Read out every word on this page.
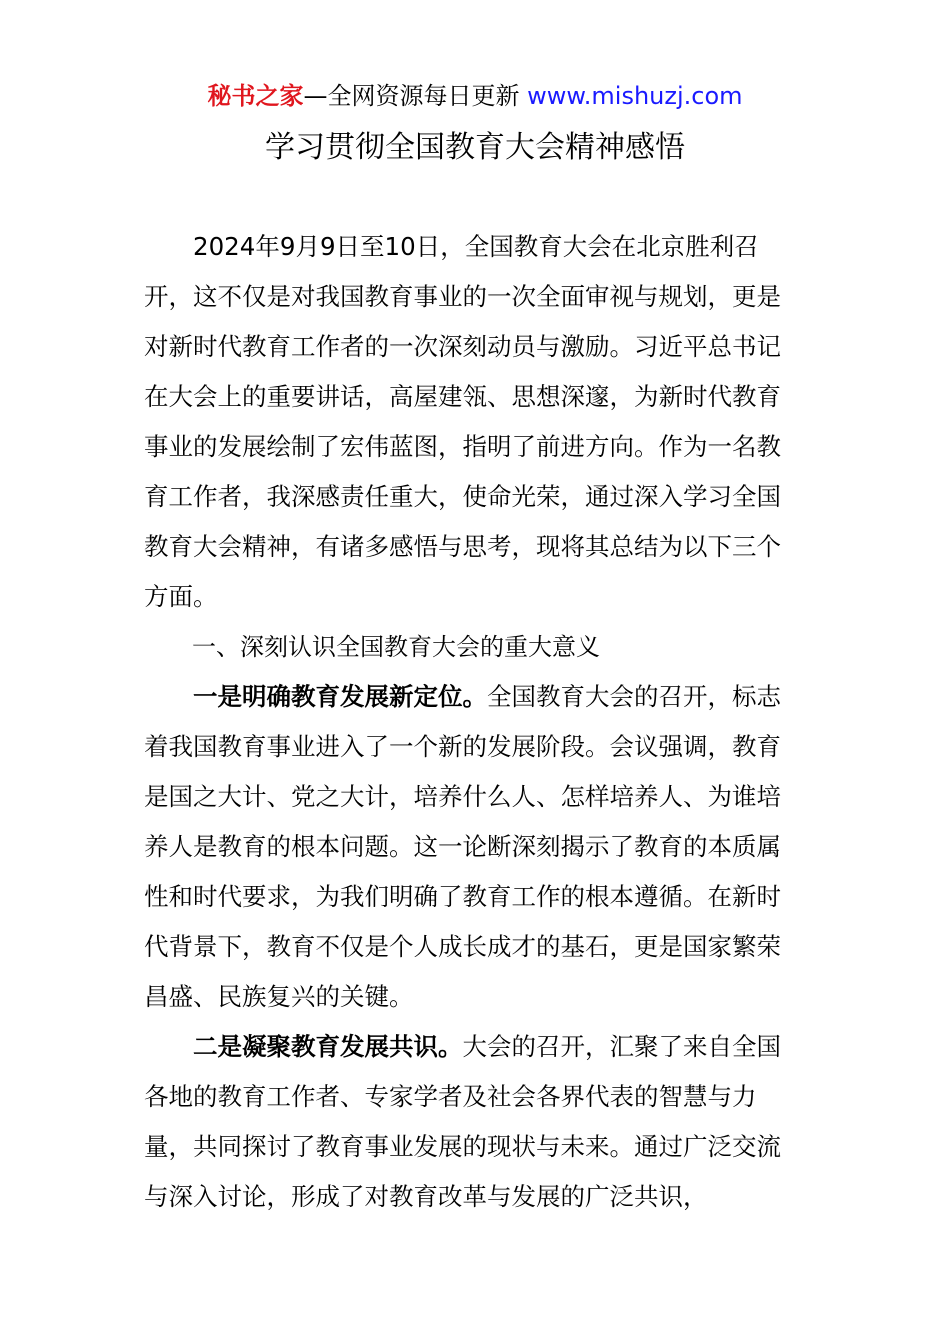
秘书之家—全网资源每日更新 www.mishuzj.com
学习贯彻全国教育大会精神感悟

2024年9月9日至10日，全国教育大会在北京胜利召开，这不仅是对我国教育事业的一次全面审视与规划，更是对新时代教育工作者的一次深刻动员与激励。习近平总书记在大会上的重要讲话，高屋建瓴、思想深邃，为新时代教育事业的发展绘制了宏伟蓝图，指明了前进方向。作为一名教育工作者，我深感责任重大，使命光荣，通过深入学习全国教育大会精神，有诸多感悟与思考，现将其总结为以下三个方面。

一、深刻认识全国教育大会的重大意义

一是明确教育发展新定位。全国教育大会的召开，标志着我国教育事业进入了一个新的发展阶段。会议强调，教育是国之大计、党之大计，培养什么人、怎样培养人、为谁培养人是教育的根本问题。这一论断深刻揭示了教育的本质属性和时代要求，为我们明确了教育工作的根本遵循。在新时代背景下，教育不仅是个人成长成才的基石，更是国家繁荣昌盛、民族复兴的关键。

二是凝聚教育发展共识。大会的召开，汇聚了来自全国各地的教育工作者、专家学者及社会各界代表的智慧与力量，共同探讨了教育事业发展的现状与未来。通过广泛交流与深入讨论，形成了对教育改革与发展的广泛共识，
